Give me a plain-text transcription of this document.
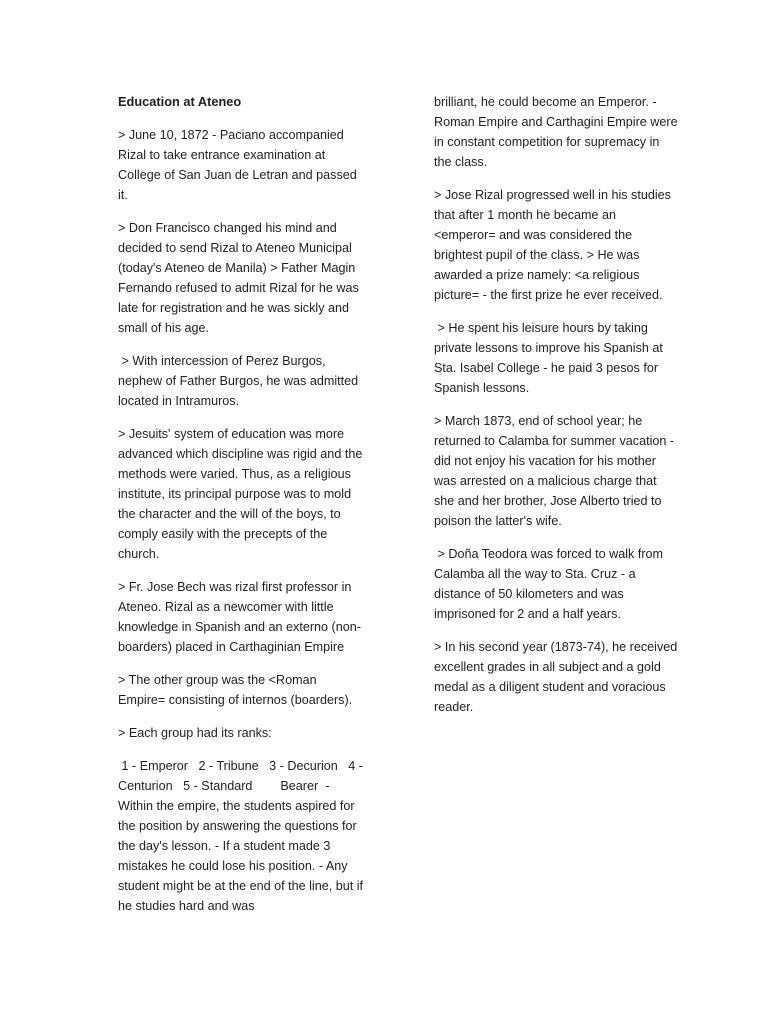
Education at Ateneo

> June 10, 1872 - Paciano accompanied Rizal to take entrance examination at College of San Juan de Letran and passed it.

> Don Francisco changed his mind and decided to send Rizal to Ateneo Municipal (today's Ateneo de Manila) > Father Magin Fernando refused to admit Rizal for he was late for registration and he was sickly and small of his age.

> With intercession of Perez Burgos, nephew of Father Burgos, he was admitted located in Intramuros.

> Jesuits' system of education was more advanced which discipline was rigid and the methods were varied. Thus, as a religious institute, its principal purpose was to mold the character and the will of the boys, to comply easily with the precepts of the church.

> Fr. Jose Bech was rizal first professor in Ateneo. Rizal as a newcomer with little knowledge in Spanish and an externo (non-boarders) placed in Carthaginian Empire

> The other group was the <Roman Empire= consisting of internos (boarders).

> Each group had its ranks:

1 - Emperor   2 - Tribune   3 - Decurion   4 - Centurion   5 - Standard        Bearer  - Within the empire, the students aspired for the position by answering the questions for the day's lesson. - If a student made 3 mistakes he could lose his position. - Any student might be at the end of the line, but if he studies hard and was

brilliant, he could become an Emperor. - Roman Empire and Carthagini Empire were in constant competition for supremacy in the class.

> Jose Rizal progressed well in his studies that after 1 month he became an <emperor= and was considered the brightest pupil of the class. > He was awarded a prize namely: <a religious picture= - the first prize he ever received.

> He spent his leisure hours by taking private lessons to improve his Spanish at Sta. Isabel College - he paid 3 pesos for Spanish lessons.

> March 1873, end of school year; he returned to Calamba for summer vacation - did not enjoy his vacation for his mother was arrested on a malicious charge that she and her brother, Jose Alberto tried to poison the latter's wife.

> Doña Teodora was forced to walk from Calamba all the way to Sta. Cruz - a distance of 50 kilometers and was imprisoned for 2 and a half years.

> In his second year (1873-74), he received excellent grades in all subject and a gold medal as a diligent student and voracious reader.
